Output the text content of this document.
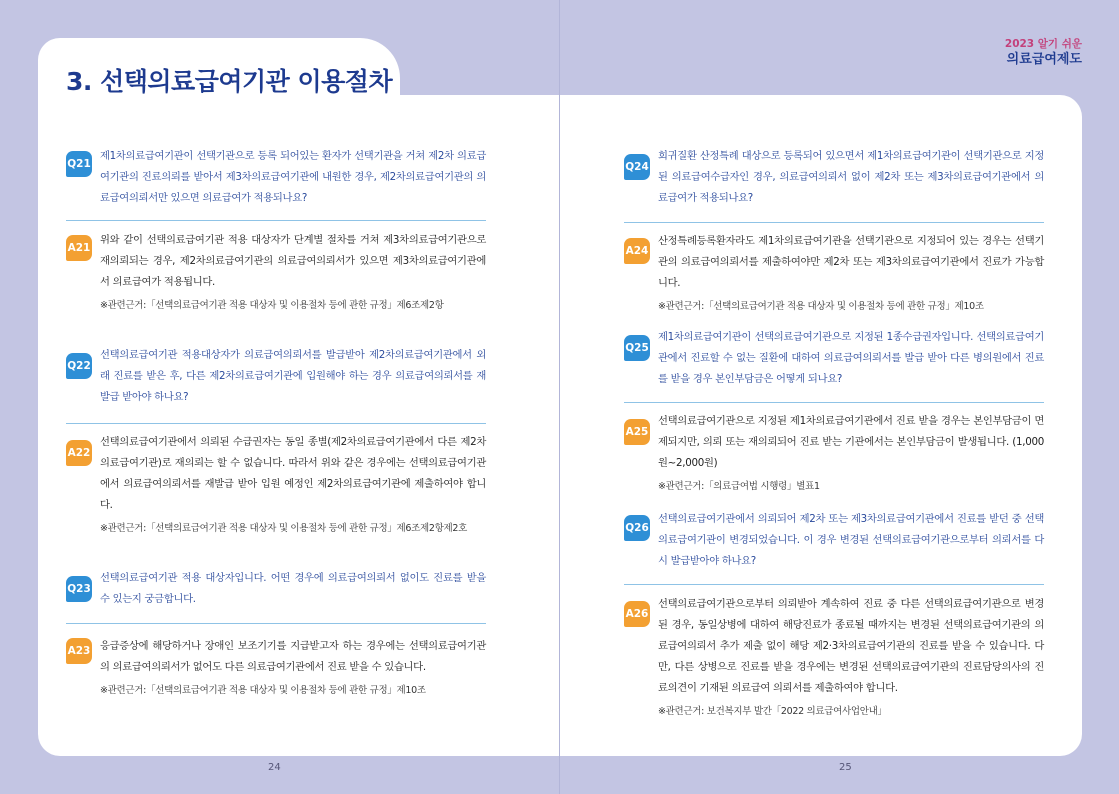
3. 선택의료급여기관 이용절차
2023 알기 쉬운
의료급여제도
Q21
제1차의료급여기관이 선택기관으로 등록 되어있는 환자가 선택기관을 거쳐 제2차 의료급여기관의 진료의뢰를 받아서 제3차의료급여기관에 내원한 경우, 제2차의료급여기관의 의료급여의뢰서만 있으면 의료급여가 적용되나요?
A21
위와 같이 선택의료급여기관 적용 대상자가 단계별 절차를 거쳐 제3차의료급여기관으로 재의뢰되는 경우, 제2차의료급여기관의 의료급여의뢰서가 있으면 제3차의료급여기관에서 의료급여가 적용됩니다.
※관련근거:「선택의료급여기관 적용 대상자 및 이용절차 등에 관한 규정」제6조제2항
Q22
선택의료급여기관 적용대상자가 의료급여의뢰서를 발급받아 제2차의료급여기관에서 외래 진료를 받은 후, 다른 제2차의료급여기관에 입원해야 하는 경우 의료급여의뢰서를 재발급 받아야 하나요?
A22
선택의료급여기관에서 의뢰된 수급권자는 동일 종별(제2차의료급여기관에서 다른 제2차의료급여기관)로 재의뢰는 할 수 없습니다. 따라서 위와 같은 경우에는 선택의료급여기관에서 의료급여의뢰서를 재발급 받아 입원 예정인 제2차의료급여기관에 제출하여야 합니다.
※관련근거:「선택의료급여기관 적용 대상자 및 이용절차 등에 관한 규정」제6조제2항제2호
Q23
선택의료급여기관 적용 대상자입니다. 어떤 경우에 의료급여의뢰서 없이도 진료를 받을 수 있는지 궁금합니다.
A23 응급증상에 해당하거나 장애인 보조기기를 지급받고자 하는 경우에는 선택의료급여기관의 의료급여의뢰서가 없어도 다른 의료급여기관에서 진료 받을 수 있습니다.
※관련근거:「선택의료급여기관 적용 대상자 및 이용절차 등에 관한 규정」제10조
Q24
희귀질환 산정특례 대상으로 등록되어 있으면서 제1차의료급여기관이 선택기관으로 지정된 의료급여수급자인 경우, 의료급여의뢰서 없이 제2차 또는 제3차의료급여기관에서 의료급여가 적용되나요?
A24
산정특례등록환자라도 제1차의료급여기관을 선택기관으로 지정되어 있는 경우는 선택기관의 의료급여의뢰서를 제출하여야만 제2차 또는 제3차의료급여기관에서 진료가 가능합니다.
※관련근거:「선택의료급여기관 적용 대상자 및 이용절차 등에 관한 규정」제10조
Q25
제1차의료급여기관이 선택의료급여기관으로 지정된 1종수급권자입니다. 선택의료급여기관에서 진료할 수 없는 질환에 대하여 의료급여의뢰서를 발급 받아 다른 병의원에서 진료를 받을 경우 본인부담금은 어떻게 되나요?
A25
선택의료급여기관으로 지정된 제1차의료급여기관에서 진료 받을 경우는 본인부담금이 면제되지만, 의뢰 또는 재의뢰되어 진료 받는 기관에서는 본인부담금이 발생됩니다. (1,000원~2,000원)
※관련근거:「의료급여법 시행령」별표1
Q26
선택의료급여기관에서 의뢰되어 제2차 또는 제3차의료급여기관에서 진료를 받던 중 선택의료급여기관이 변경되었습니다. 이 경우 변경된 선택의료급여기관으로부터 의뢰서를 다시 발급받아야 하나요?
A26
선택의료급여기관으로부터 의뢰받아 계속하여 진료 중 다른 선택의료급여기관으로 변경된 경우, 동일상병에 대하여 해당진료가 종료될 때까지는 변경된 선택의료급여기관의 의료급여의뢰서 추가 제출 없이 해당 제2·3차의료급여기관의 진료를 받을 수 있습니다. 다만, 다른 상병으로 진료를 받을 경우에는 변경된 선택의료급여기관의 진료담당의사의 진료의견이 기재된 의료급여 의뢰서를 제출하여야 합니다.
※관련근거: 보건복지부 발간「2022 의료급여사업안내」
24	25
